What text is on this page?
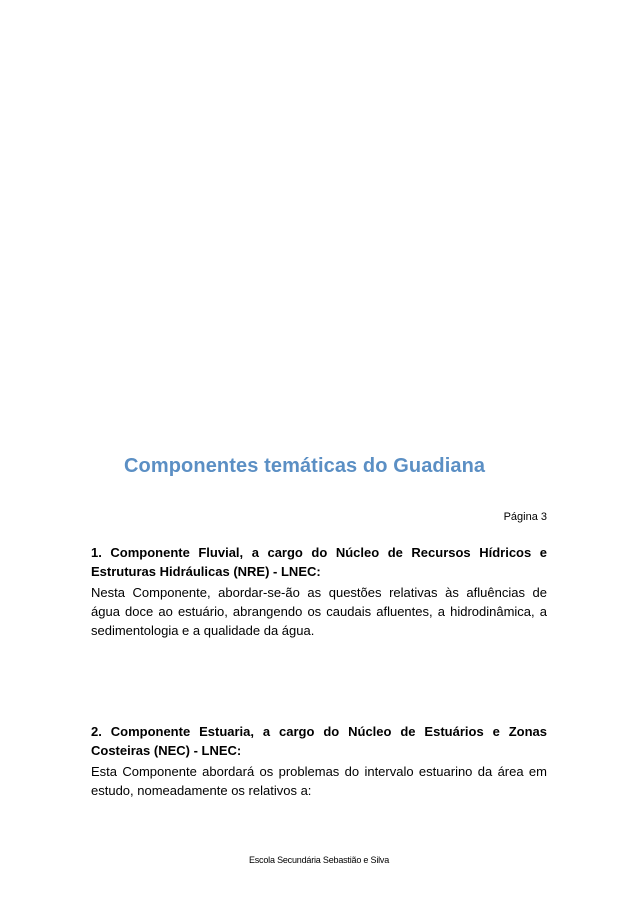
Componentes temáticas do Guadiana
Página 3

1. Componente Fluvial, a cargo do Núcleo de Recursos Hídricos e Estruturas Hidráulicas (NRE) - LNEC:

Nesta Componente, abordar-se-ão as questões relativas às afluências de água doce ao estuário, abrangendo os caudais afluentes, a hidrodinâmica, a sedimentologia e a qualidade da água.

2. Componente Estuaria, a cargo do Núcleo de Estuários e Zonas Costeiras (NEC) - LNEC:

Esta Componente abordará os problemas do intervalo estuarino da área em estudo, nomeadamente os relativos a:

Escola Secundária Sebastião e Silva
